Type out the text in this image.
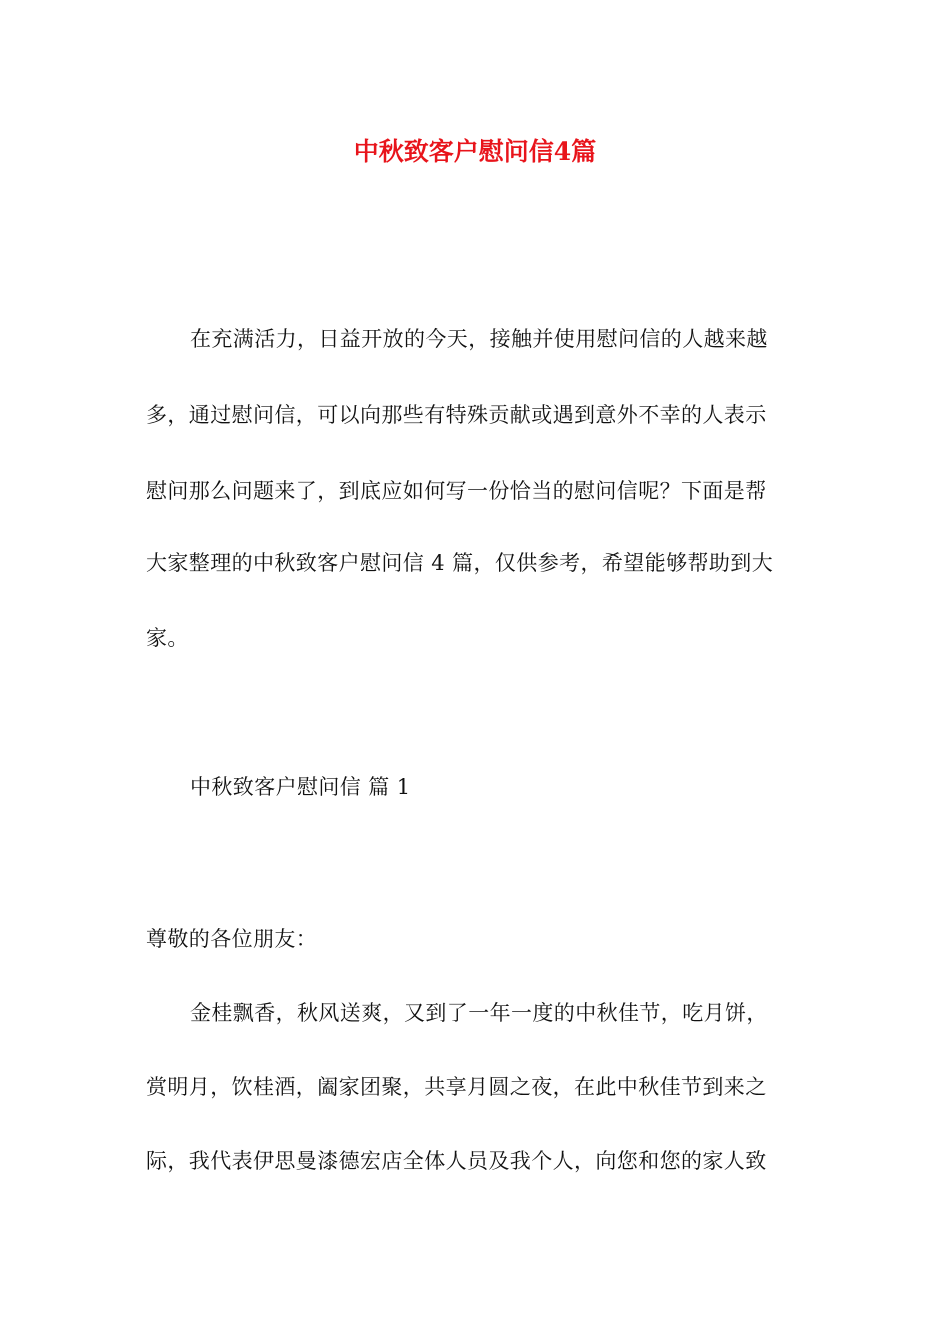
中秋致客户慰问信4篇

在充满活力，日益开放的今天，接触并使用慰问信的人越来越

多，通过慰问信，可以向那些有特殊贡献或遇到意外不幸的人表示

慰问那么问题来了，到底应如何写一份恰当的慰问信呢？下面是帮

大家整理的中秋致客户慰问信 4 篇，仅供参考，希望能够帮助到大

家。

中秋致客户慰问信 篇 1

尊敬的各位朋友：

金桂飘香，秋风送爽，又到了一年一度的中秋佳节，吃月饼，

赏明月，饮桂酒，阖家团聚，共享月圆之夜，在此中秋佳节到来之

际，我代表伊思曼漆德宏店全体人员及我个人，向您和您的家人致
